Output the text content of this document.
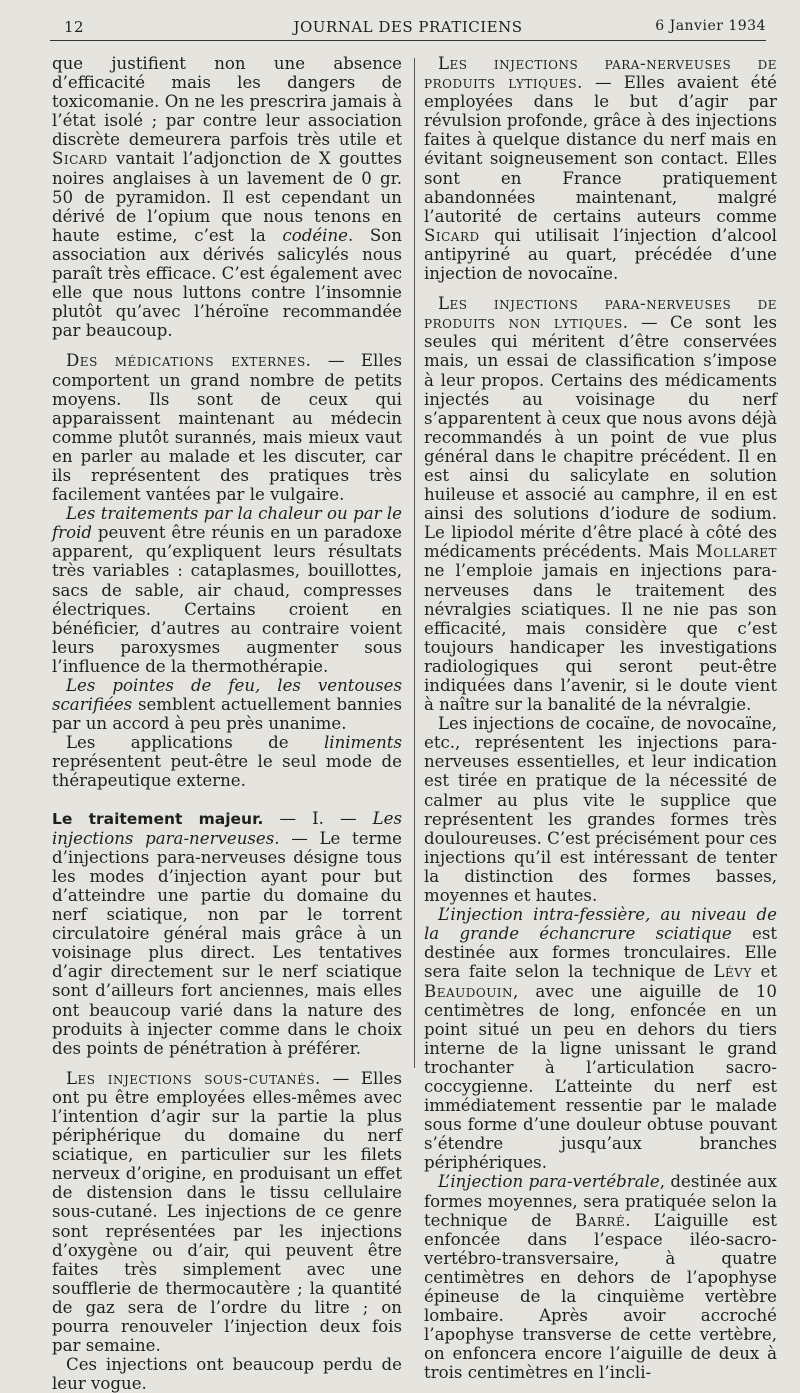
12	JOURNAL DES PRATICIENS	6 Janvier 1934

que justifient non une absence d’efficacité mais les dangers de toxicomanie. On ne les prescrira jamais à l’état isolé ; par contre leur association discrète demeurera parfois très utile et Sicard vantait l’adjonction de X gouttes noires anglaises à un lavement de 0 gr. 50 de pyramidon. Il est cependant un dérivé de l’opium que nous tenons en haute estime, c’est la codéine. Son association aux dérivés salicylés nous paraît très efficace. C’est également avec elle que nous luttons contre l’insomnie plutôt qu’avec l’héroïne recommandée par beaucoup.

Des médications externes. — Elles comportent un grand nombre de petits moyens. Ils sont de ceux qui apparaissent maintenant au médecin comme plutôt surannés, mais mieux vaut en parler au malade et les discuter, car ils représentent des pratiques très facilement vantées par le vulgaire.

Les traitements par la chaleur ou par le froid peuvent être réunis en un paradoxe apparent, qu’expliquent leurs résultats très variables : cataplasmes, bouillottes, sacs de sable, air chaud, compresses électriques. Certains croient en bénéficier, d’autres au contraire voient leurs paroxysmes augmenter sous l’influence de la thermothérapie.

Les pointes de feu, les ventouses scarifiées semblent actuellement bannies par un accord à peu près unanime.

Les applications de liniments représentent peut-être le seul mode de thérapeutique externe.

Le traitement majeur. — I. — Les injections para-nerveuses. — Le terme d’injections para-nerveuses désigne tous les modes d’injection ayant pour but d’atteindre une partie du domaine du nerf sciatique, non par le torrent circulatoire général mais grâce à un voisinage plus direct. Les tentatives d’agir directement sur le nerf sciatique sont d’ailleurs fort anciennes, mais elles ont beaucoup varié dans la nature des produits à injecter comme dans le choix des points de pénétration à préférer.

Les injections sous-cutanés. — Elles ont pu être employées elles-mêmes avec l’intention d’agir sur la partie la plus périphérique du domaine du nerf sciatique, en particulier sur les filets nerveux d’origine, en produisant un effet de distension dans le tissu cellulaire sous-cutané. Les injections de ce genre sont représentées par les injections d’oxygène ou d’air, qui peuvent être faites très simplement avec une soufflerie de thermocautère ; la quantité de gaz sera de l’ordre du litre ; on pourra renouveler l’injection deux fois par semaine.

Ces injections ont beaucoup perdu de leur vogue.

Les injections para-nerveuses de produits lytiques. — Elles avaient été employées dans le but d’agir par révulsion profonde, grâce à des injections faites à quelque distance du nerf mais en évitant soigneusement son contact. Elles sont en France pratiquement abandonnées maintenant, malgré l’autorité de certains auteurs comme Sicard qui utilisait l’injection d’alcool antipyriné au quart, précédée d’une injection de novocaïne.

Les injections para-nerveuses de produits non lytiques. — Ce sont les seules qui méritent d’être conservées mais, un essai de classification s’impose à leur propos. Certains des médicaments injectés au voisinage du nerf s’apparentent à ceux que nous avons déjà recommandés à un point de vue plus général dans le chapitre précédent. Il en est ainsi du salicylate en solution huileuse et associé au camphre, il en est ainsi des solutions d’iodure de sodium. Le lipiodol mérite d’être placé à côté des médicaments précédents. Mais Mollaret ne l’emploie jamais en injections para-nerveuses dans le traitement des névralgies sciatiques. Il ne nie pas son efficacité, mais considère que c’est toujours handicaper les investigations radiologiques qui seront peut-être indiquées dans l’avenir, si le doute vient à naître sur la banalité de la névralgie.

Les injections de cocaïne, de novocaïne, etc., représentent les injections para-nerveuses essentielles, et leur indication est tirée en pratique de la nécessité de calmer au plus vite le supplice que représentent les grandes formes très douloureuses. C’est précisément pour ces injections qu’il est intéressant de tenter la distinction des formes basses, moyennes et hautes.

L’injection intra-fessière, au niveau de la grande échancrure sciatique est destinée aux formes tronculaires. Elle sera faite selon la technique de Lévy et Beaudouin, avec une aiguille de 10 centimètres de long, enfoncée en un point situé un peu en dehors du tiers interne de la ligne unissant le grand trochanter à l’articulation sacro-coccygienne. L’atteinte du nerf est immédiatement ressentie par le malade sous forme d’une douleur obtuse pouvant s’étendre jusqu’aux branches périphériques.

L’injection para-vertébrale, destinée aux formes moyennes, sera pratiquée selon la technique de Barré. L’aiguille est enfoncée dans l’espace iléo-sacro-vertébro-transversaire, à quatre centimètres en dehors de l’apophyse épineuse de la cinquième vertèbre lombaire. Après avoir accroché l’apophyse transverse de cette vertèbre, on enfoncera encore l’aiguille de deux à trois centimètres en l’incli-
